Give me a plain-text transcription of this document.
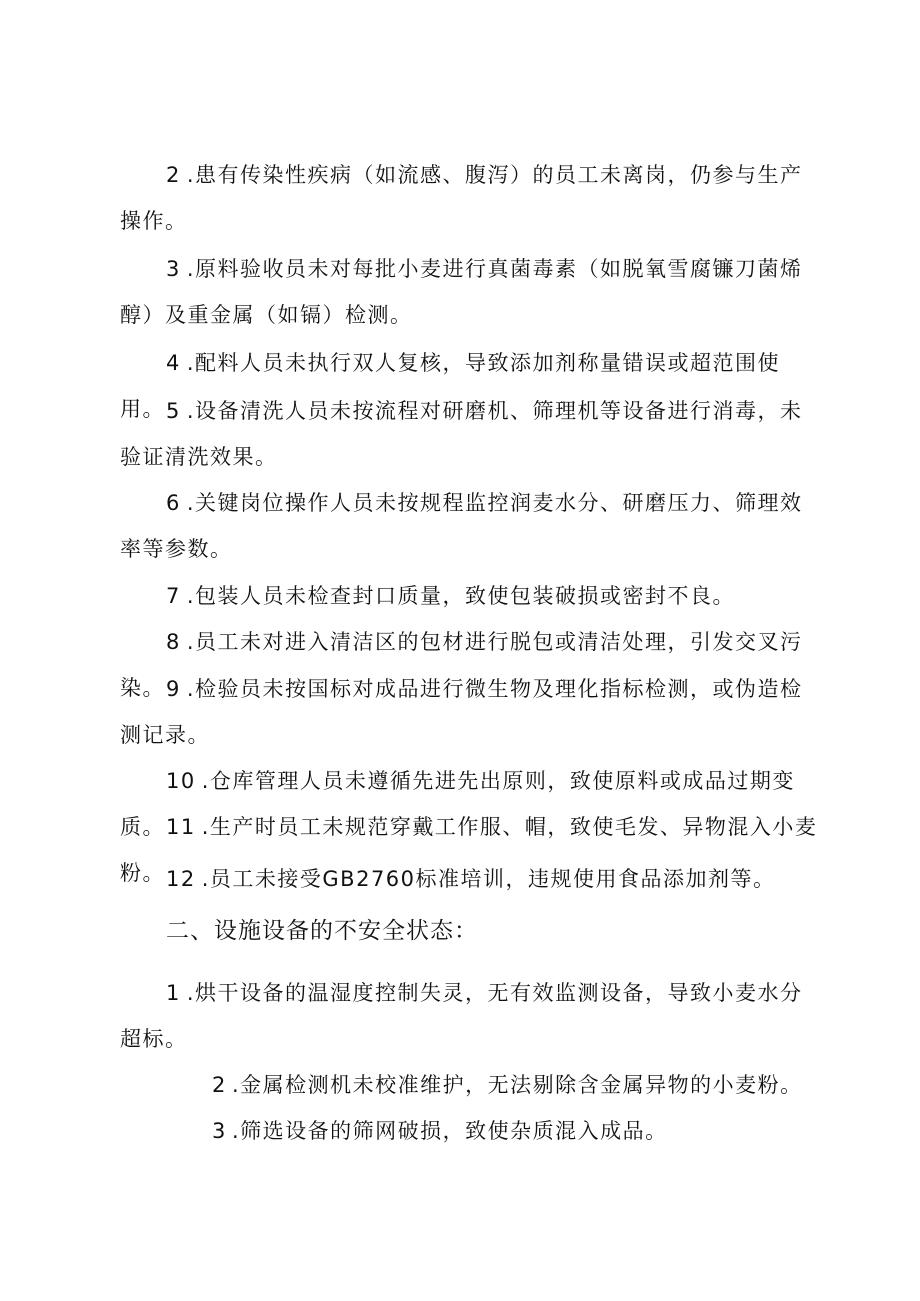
2 .患有传染性疾病（如流感、腹泻）的员工未离岗，仍参与生产操作。

3 .原料验收员未对每批小麦进行真菌毒素（如脱氧雪腐镰刀菌烯醇）及重金属（如镉）检测。

4 .配料人员未执行双人复核，导致添加剂称量错误或超范围使用。 5 .设备清洗人员未按流程对研磨机、筛理机等设备进行消毒，未验证清洗效果。

6 .关键岗位操作人员未按规程监控润麦水分、研磨压力、筛理效率等参数。

7 .包装人员未检查封口质量，致使包装破损或密封不良。

8 .员工未对进入清洁区的包材进行脱包或清洁处理，引发交叉污染。 9 .检验员未按国标对成品进行微生物及理化指标检测，或伪造检测记录。

10 .仓库管理人员未遵循先进先出原则，致使原料或成品过期变质。 11 .生产时员工未规范穿戴工作服、帽，致使毛发、异物混入小麦粉。 12 .员工未接受GB2760标准培训，违规使用食品添加剂等。

二、设施设备的不安全状态：

1 .烘干设备的温湿度控制失灵，无有效监测设备，导致小麦水分超标。

2 .金属检测机未校准维护，无法剔除含金属异物的小麦粉。

3 .筛选设备的筛网破损，致使杂质混入成品。
